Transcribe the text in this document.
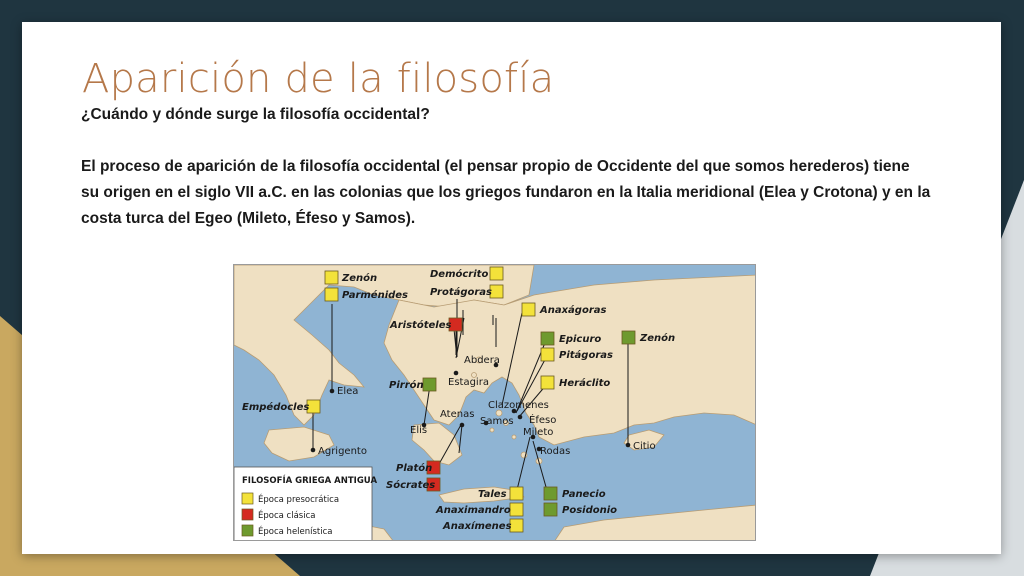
Aparición de la filosofía
¿Cuándo y dónde surge la filosofía occidental?
El proceso de aparición de la filosofía occidental (el pensar propio de Occidente del que somos herederos) tiene su origen en el siglo VII a.C. en las colonias que los griegos fundaron en la Italia meridional (Elea y Crotona) y en la costa turca del Egeo (Mileto, Éfeso y Samos).
Elea
Agrigento
Estagira
Abdera
Atenas
Elis
Clazomenes
Samos Éfeso
Mileto
Rodas	Citio
Zenón
Parménides
Demócrito
Protágoras
Anaxágoras
Aristóteles
Epicuro
Pitágoras
Zenón
Pirrón	Heráclito
Empédocles
Platón
Sócrates
Tales
Anaximandro
Anaxímenes
Panecio
Posidonio
FILOSOFÍA GRIEGA ANTIGUA
Época presocrática
Época clásica
Época helenística
